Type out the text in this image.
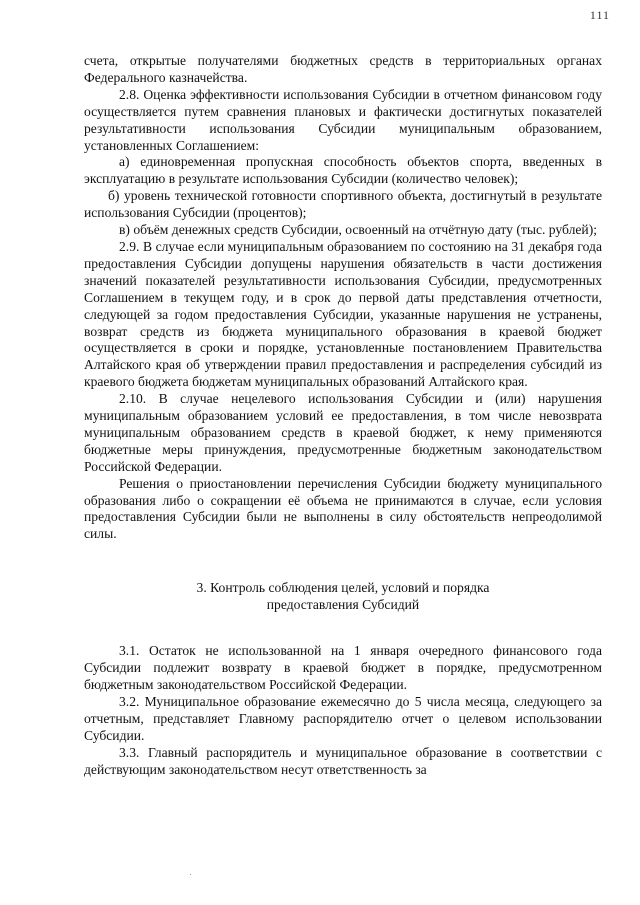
111

счета, открытые получателями бюджетных средств в территориальных органах Федерального казначейства.

2.8. Оценка эффективности использования Субсидии в отчетном финансовом году осуществляется путем сравнения плановых и фактически достигнутых показателей результативности использования Субсидии муниципальным образованием, установленных Соглашением:

а) единовременная пропускная способность объектов спорта, введенных в эксплуатацию в результате использования Субсидии (количество человек);

б) уровень технической готовности спортивного объекта, достигнутый в результате использования Субсидии (процентов);

в) объём денежных средств Субсидии, освоенный на отчётную дату (тыс. рублей);

2.9. В случае если муниципальным образованием по состоянию на 31 декабря года предоставления Субсидии допущены нарушения обязательств в части достижения значений показателей результативности использования Субсидии, предусмотренных Соглашением в текущем году, и в срок до первой даты представления отчетности, следующей за годом предоставления Субсидии, указанные нарушения не устранены, возврат средств из бюджета муниципального образования в краевой бюджет осуществляется в сроки и порядке, установленные постановлением Правительства Алтайского края об утверждении правил предоставления и распределения субсидий из краевого бюджета бюджетам муниципальных образований Алтайского края.

2.10. В случае нецелевого использования Субсидии и (или) нарушения муниципальным образованием условий ее предоставления, в том числе невозврата муниципальным образованием средств в краевой бюджет, к нему применяются бюджетные меры принуждения, предусмотренные бюджетным законодательством Российской Федерации.

Решения о приостановлении перечисления Субсидии бюджету муниципального образования либо о сокращении её объема не принимаются в случае, если условия предоставления Субсидии были не выполнены в силу обстоятельств непреодолимой силы.

3. Контроль соблюдения целей, условий и порядка
предоставления Субсидий

3.1. Остаток не использованной на 1 января очередного финансового года Субсидии подлежит возврату в краевой бюджет в порядке, предусмотренном бюджетным законодательством Российской Федерации.

3.2. Муниципальное образование ежемесячно до 5 числа месяца, следующего за отчетным, представляет Главному распорядителю отчет о целевом использовании Субсидии.

3.3. Главный распорядитель и муниципальное образование в соответствии с действующим законодательством несут ответственность за
